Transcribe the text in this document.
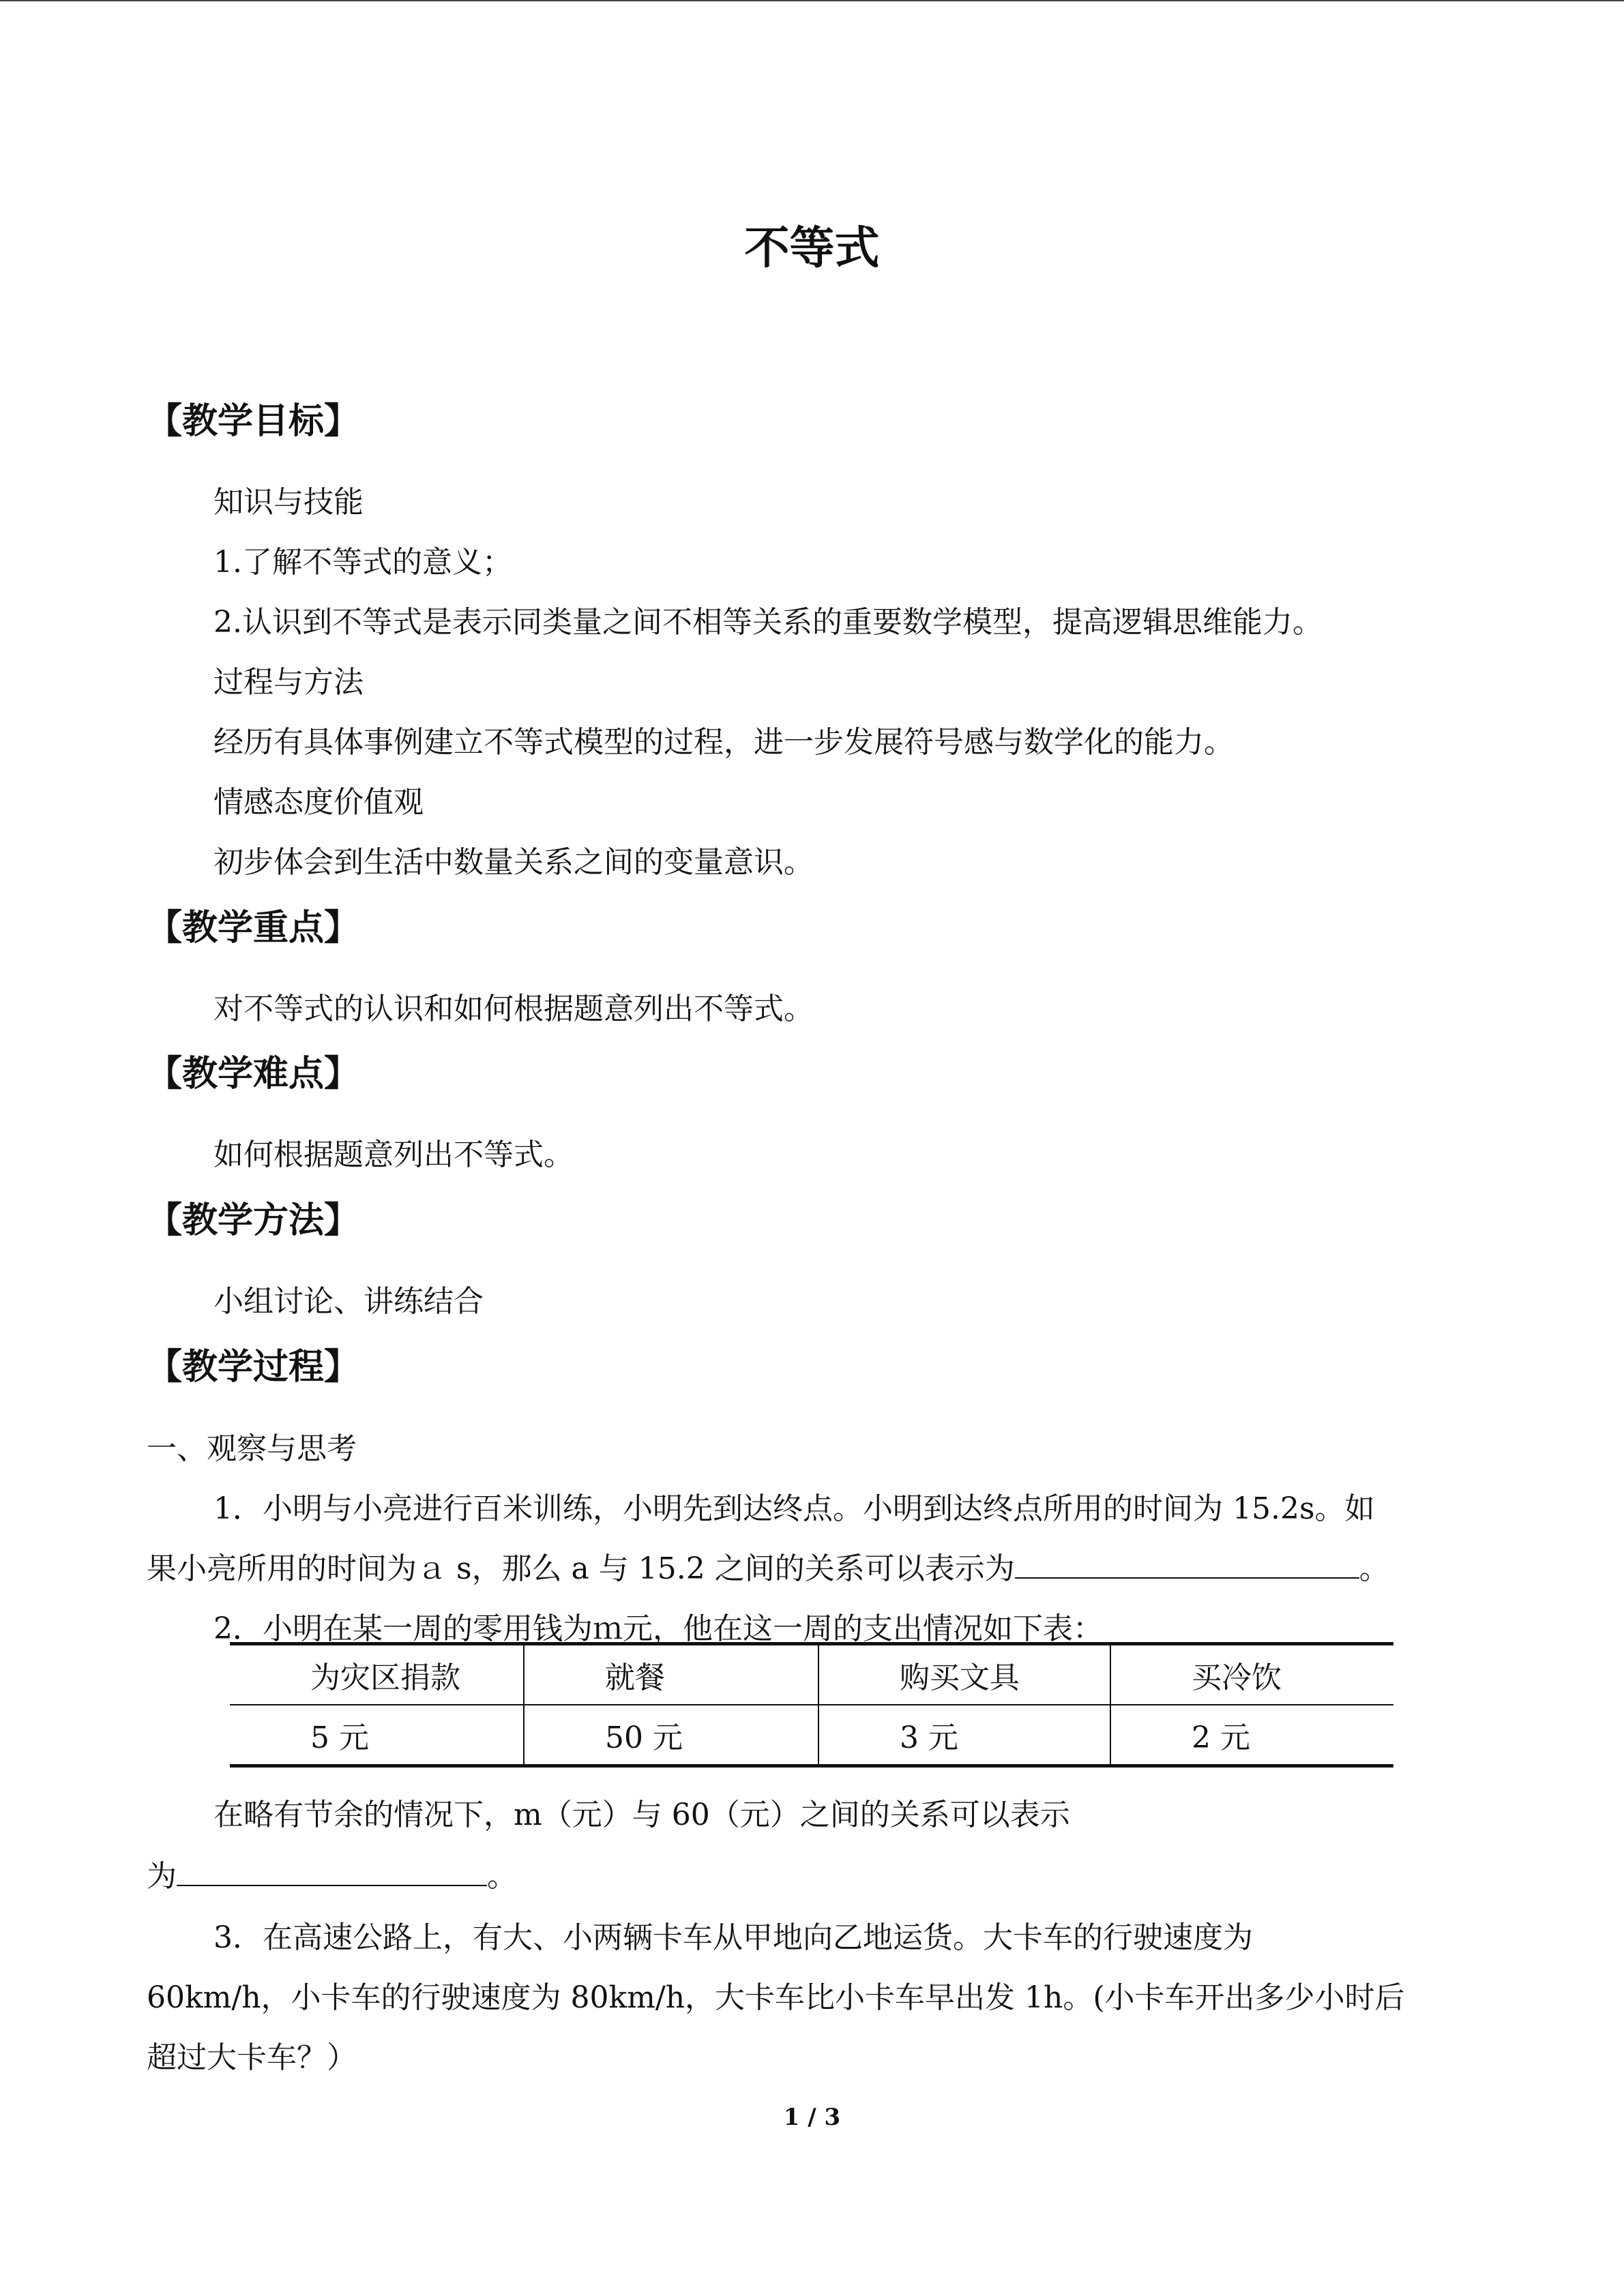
不等式
【教学目标】
知识与技能
1.了解不等式的意义；
2.认识到不等式是表示同类量之间不相等关系的重要数学模型，提高逻辑思维能力。
过程与方法
经历有具体事例建立不等式模型的过程，进一步发展符号感与数学化的能力。
情感态度价值观
初步体会到生活中数量关系之间的变量意识。
【教学重点】
对不等式的认识和如何根据题意列出不等式。
【教学难点】
如何根据题意列出不等式。
【教学方法】
小组讨论、讲练结合
【教学过程】
一、观察与思考
1．小明与小亮进行百米训练，小明先到达终点。小明到达终点所用的时间为 15.2s。如
果小亮所用的时间为ａ s，那么 a 与 15.2 之间的关系可以表示为	。
2．小明在某一周的零用钱为ｍ元，他在这一周的支出情况如下表：
为灾区捐款	就餐	购买文具	买冷饮
5 元	50 元	3 元	2 元
在略有节余的情况下，m（元）与 60（元）之间的关系可以表示
为	。
3．在高速公路上，有大、小两辆卡车从甲地向乙地运货。大卡车的行驶速度为
60km/h，小卡车的行驶速度为 80km/h，大卡车比小卡车早出发 1h。(小卡车开出多少小时后
超过大卡车？）
1 / 3
